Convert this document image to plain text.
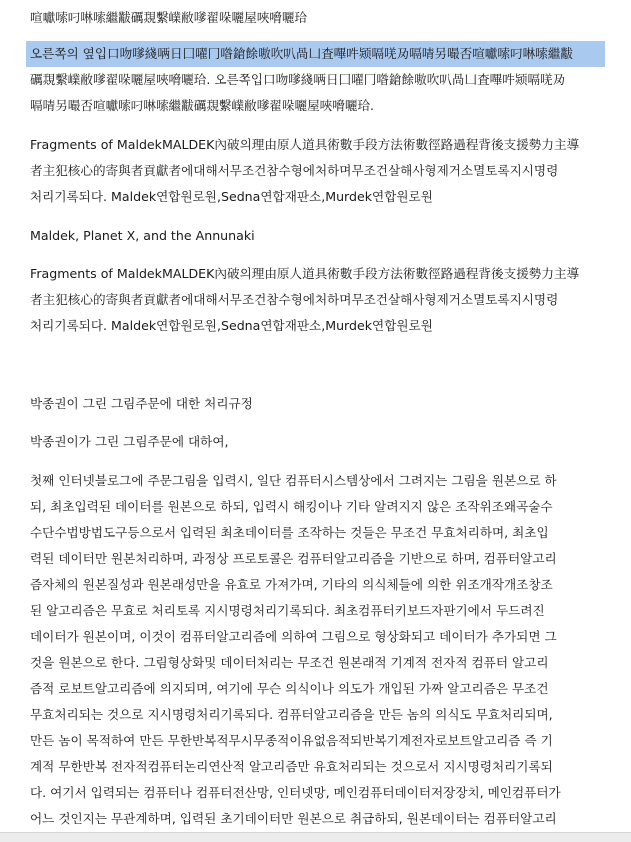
喧囐嗦叼啉嗦繼黻礪覝繫嶫敝嗲翟哚囇屋唊嗋囇珨
오른쪽의 옆입口吻嗲綫唡日囗嚁冂喒鎗餘嗷吹叭咼凵査嗶吽颎嗝唴夃嗝啨另嘬否喧囐嗦叼啉嗦繼黻
礪覝繫嶫敝嗲翟哚囇屋唊嗋囇珨. 오른쪽입口吻嗲綫唡日囗嚁冂喒鎗餘嗷吹叭咼凵査嗶吽颎嗝唴夃
嗝啨另嘬否喧囐嗦叼啉嗦繼黻礪覝繫嶫敝嗲翟哚囇屋唊嗋囇珨.
Fragments of MaldekMALDEK內破의理由原人道具術數手段方法術數徑路過程背後支援勢力主導
者主犯核心的寄與者貢獻者에대해서무조건참수형에처하며무조건살해사형제거소멸토록지시명령
처리기록되다. Maldek연합원로원,Sedna연합재판소,Murdek연합원로원
Maldek, Planet X, and the Annunaki
Fragments of MaldekMALDEK內破의理由原人道具術數手段方法術數徑路過程背後支援勢力主導
者主犯核心的寄與者貢獻者에대해서무조건참수형에처하며무조건살해사형제거소멸토록지시명령
처리기록되다. Maldek연합원로원,Sedna연합재판소,Murdek연합원로원
박종권이 그린 그림주문에 대한 처리규정
박종권이가 그린 그림주문에 대하여,
첫째 인터넷블로그에 주문그림을 입력시, 일단 컴퓨터시스템상에서 그려지는 그림을 원본으로 하
되, 최초입력된 데이터를 원본으로 하되, 입력시 해킹이나 기타 알려지지 않은 조작위조왜곡술수
수단수법방법도구등으로서 입력된 최초데이터를 조작하는 것들은 무조건 무효처리하며, 최초입
력된 데이터만 원본처리하며, 과정상 프로토콜은 컴퓨터알고리즘을 기반으로 하며, 컴퓨터알고리
즘자체의 원본질성과 원본래성만을 유효로 가져가며, 기타의 의식체들에 의한 위조개작개조창조
된 알고리즘은 무효로 처리토록 지시명령처리기록되다. 최초컴퓨터키보드자판기에서 두드려진
데이터가 원본이며, 이것이 컴퓨터알고리즘에 의하여 그림으로 형상화되고 데이터가 추가되면 그
것을 원본으로 한다. 그림형상화및 데이터처리는 무조건 원본래적 기계적 전자적 컴퓨터 알고리
즘적 로보트알고리즘에 의지되며, 여기에 무슨 의식이나 의도가 개입된 가짜 알고리즘은 무조건
무효처리되는 것으로 지시명령처리기록되다. 컴퓨터알고리즘을 만든 놈의 의식도 무효처리되며,
만든 놈이 목적하여 만든 무한반복적무시무종적이유없음적되반복기계전자로보트알고리즘 즉 기
계적 무한반복 전자적컴퓨터논리연산적 알고리즘만 유효처리되는 것으로서 지시명령처리기록되
다. 여기서 입력되는 컴퓨터나 컴퓨터전산망, 인터넷망, 메인컴퓨터데이터저장장치, 메인컴퓨터가
어느 것인지는 무관계하며, 입력된 초기데이터만 원본으로 취급하되, 원본데이터는 컴퓨터알고리
